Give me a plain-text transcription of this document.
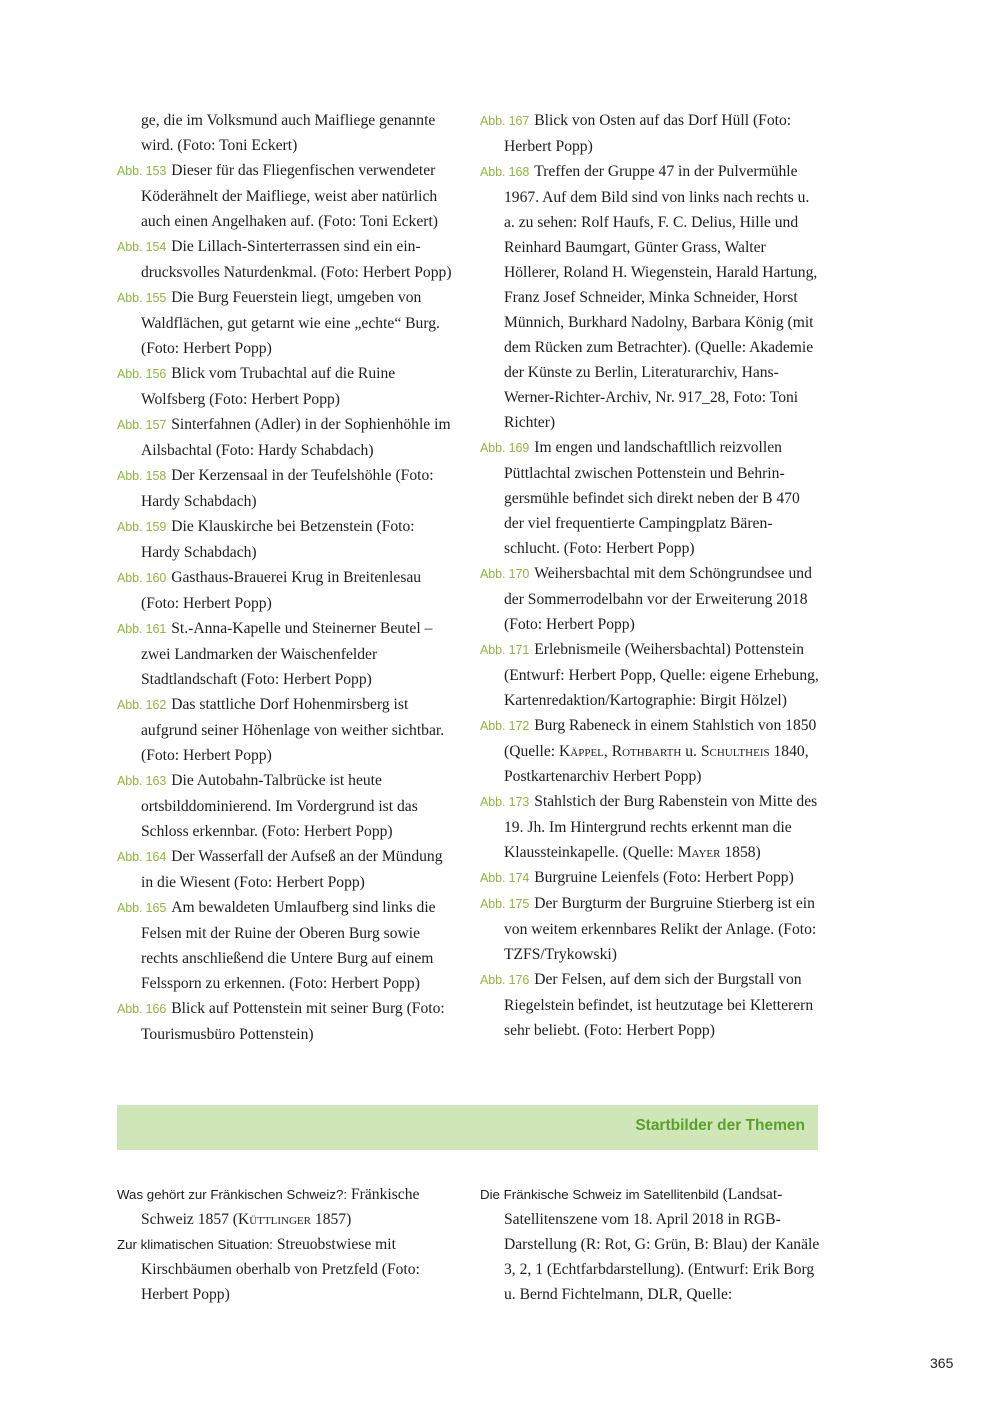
ge, die im Volksmund auch Maifliege genannte wird. (Foto: Toni Eckert)

Abb. 153 Dieser für das Fliegenfischen verwendeter Köderähnelt der Maifliege, weist aber natürlich auch einen Angelhaken auf. (Foto: Toni Eckert)

Abb. 154 Die Lillach-Sinterterrassen sind ein eindrucksvolles Naturdenkmal. (Foto: Herbert Popp)

Abb. 155 Die Burg Feuerstein liegt, umgeben von Waldflächen, gut getarnt wie eine „echte“ Burg. (Foto: Herbert Popp)

Abb. 156 Blick vom Trubachtal auf die Ruine Wolfsberg (Foto: Herbert Popp)

Abb. 157 Sinterfahnen (Adler) in der Sophienhöhle im Ailsbachtal (Foto: Hardy Schabdach)

Abb. 158 Der Kerzensaal in der Teufelshöhle (Foto: Hardy Schabdach)

Abb. 159 Die Klauskirche bei Betzenstein (Foto: Hardy Schabdach)

Abb. 160 Gasthaus-Brauerei Krug in Breitenlesau (Foto: Herbert Popp)

Abb. 161 St.-Anna-Kapelle und Steinerner Beutel – zwei Landmarken der Waischenfelder Stadtlandschaft (Foto: Herbert Popp)

Abb. 162 Das stattliche Dorf Hohenmirsberg ist aufgrund seiner Höhenlage von weither sichtbar. (Foto: Herbert Popp)

Abb. 163 Die Autobahn-Talbrücke ist heute ortsbilddominierend. Im Vordergrund ist das Schloss erkennbar. (Foto: Herbert Popp)

Abb. 164 Der Wasserfall der Aufseß an der Mündung in die Wiesent (Foto: Herbert Popp)

Abb. 165 Am bewaldeten Umlaufberg sind links die Felsen mit der Ruine der Oberen Burg sowie rechts anschließend die Untere Burg auf einem Felssporn zu erkennen. (Foto: Herbert Popp)

Abb. 166 Blick auf Pottenstein mit seiner Burg (Foto: Tourismusbüro Pottenstein)

Abb. 167 Blick von Osten auf das Dorf Hüll (Foto: Herbert Popp)

Abb. 168 Treffen der Gruppe 47 in der Pulvermühle 1967. Auf dem Bild sind von links nach rechts u. a. zu sehen: Rolf Haufs, F. C. Delius, Hille und Reinhard Baumgart, Günter Grass, Walter Höllerer, Roland H. Wiegenstein, Harald Hartung, Franz Josef Schneider, Minka Schneider, Horst Münnich, Burkhard Nadolny, Barbara König (mit dem Rücken zum Betrachter). (Quelle: Akademie der Künste zu Berlin, Literaturarchiv, Hans-Werner-Richter-Archiv, Nr. 917_28, Foto: Toni Richter)

Abb. 169 Im engen und landschaftllich reizvollen Püttlachtal zwischen Pottenstein und Behringersmühle befindet sich direkt neben der B 470 der viel frequentierte Campingplatz Bärenschlucht. (Foto: Herbert Popp)

Abb. 170 Weihersbachtal mit dem Schöngrundsee und der Sommerrodelbahn vor der Erweiterung 2018 (Foto: Herbert Popp)

Abb. 171 Erlebnismeile (Weihersbachtal) Pottenstein (Entwurf: Herbert Popp, Quelle: eigene Erhebung, Kartenredaktion/Kartographie: Birgit Hölzel)

Abb. 172 Burg Rabeneck in einem Stahlstich von 1850 (Quelle: Käppel, Rothbarth u. Schultheis 1840, Postkartenarchiv Herbert Popp)

Abb. 173 Stahlstich der Burg Rabenstein von Mitte des 19. Jh. Im Hintergrund rechts erkennt man die Klaussteinkapelle. (Quelle: Mayer 1858)

Abb. 174 Burgruine Leienfels (Foto: Herbert Popp)

Abb. 175 Der Burgturm der Burgruine Stierberg ist ein von weitem erkennbares Relikt der Anlage. (Foto: TZFS/Trykowski)

Abb. 176 Der Felsen, auf dem sich der Burgstall von Riegelstein befindet, ist heutzutage bei Kletterern sehr beliebt. (Foto: Herbert Popp)

Startbilder der Themen

Was gehört zur Fränkischen Schweiz?: Fränkische Schweiz 1857 (Küttlinger 1857)

Zur klimatischen Situation: Streuobstwiese mit Kirschbäumen oberhalb von Pretzfeld (Foto: Herbert Popp)

Die Fränkische Schweiz im Satellitenbild (Landsat-Satellitenszene vom 18. April 2018 in RGB-Darstellung (R: Rot, G: Grün, B: Blau) der Kanäle 3, 2, 1 (Echtfarbdarstellung). (Entwurf: Erik Borg u. Bernd Fichtelmann, DLR, Quelle:

365
